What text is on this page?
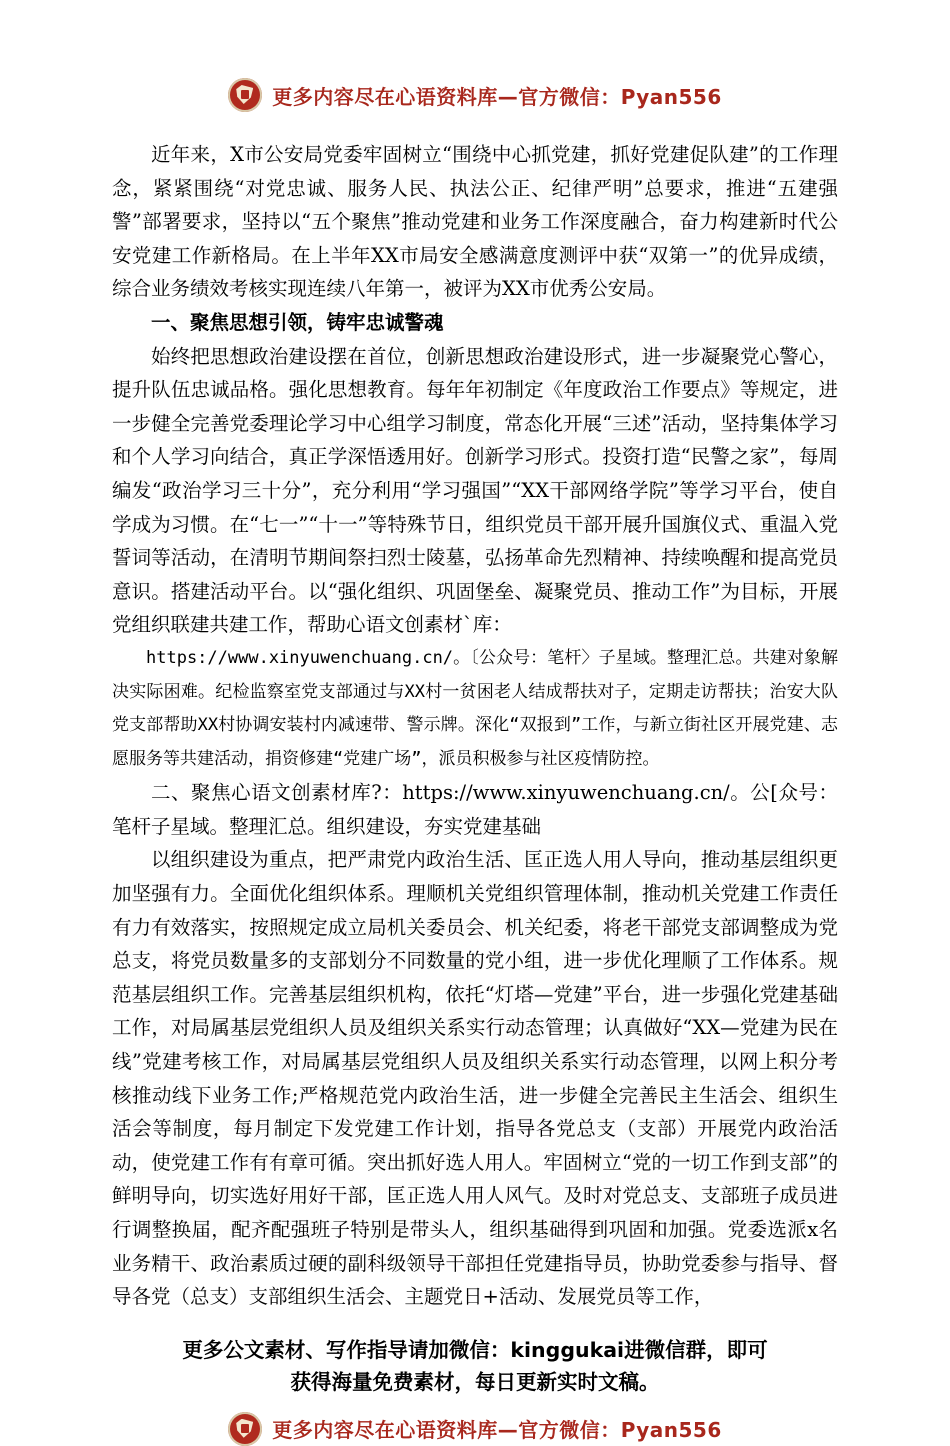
更多内容尽在心语资料库—官方微信：Pyan556

近年来，X市公安局党委牢固树立“围绕中心抓党建，抓好党建促队建”的工作理念，紧紧围绕“对党忠诚、服务人民、执法公正、纪律严明”总要求，推进“五建强警”部署要求，坚持以“五个聚焦”推动党建和业务工作深度融合，奋力构建新时代公安党建工作新格局。在上半年XX市局安全感满意度测评中获“双第一”的优异成绩，综合业务绩效考核实现连续八年第一，被评为XX市优秀公安局。

一、聚焦思想引领，铸牢忠诚警魂

始终把思想政治建设摆在首位，创新思想政治建设形式，进一步凝聚党心警心，提升队伍忠诚品格。强化思想教育。每年年初制定《年度政治工作要点》等规定，进一步健全完善党委理论学习中心组学习制度，常态化开展“三述”活动，坚持集体学习和个人学习向结合，真正学深悟透用好。创新学习形式。投资打造“民警之家”，每周编发“政治学习三十分”，充分利用“学习强国”“XX干部网络学院”等学习平台，使自学成为习惯。在“七一”“十一”等特殊节日，组织党员干部开展升国旗仪式、重温入党誓词等活动，在清明节期间祭扫烈士陵墓，弘扬革命先烈精神、持续唤醒和提高党员意识。搭建活动平台。以“强化组织、巩固堡垒、凝聚党员、推动工作”为目标，开展党组织联建共建工作，帮助心语文创素材`库：

https://www.xinyuwenchuang.cn/。〔公众号：笔杆〉子星域。整理汇总。共建对象解决实际困难。纪检监察室党支部通过与XX村一贫困老人结成帮扶对子，定期走访帮扶；治安大队党支部帮助XX村协调安装村内减速带、警示牌。深化“双报到”工作，与新立街社区开展党建、志愿服务等共建活动，捐资修建“党建广场”，派员积极参与社区疫情防控。

二、聚焦心语文创素材库?：https://www.xinyuwenchuang.cn/。公[众号：笔杆子星域。整理汇总。组织建设，夯实党建基础

以组织建设为重点，把严肃党内政治生活、匡正选人用人导向，推动基层组织更加坚强有力。全面优化组织体系。理顺机关党组织管理体制，推动机关党建工作责任有力有效落实，按照规定成立局机关委员会、机关纪委，将老干部党支部调整成为党总支，将党员数量多的支部划分不同数量的党小组，进一步优化理顺了工作体系。规范基层组织工作。完善基层组织机构，依托“灯塔—党建”平台，进一步强化党建基础工作，对局属基层党组织人员及组织关系实行动态管理；认真做好“XX—党建为民在线”党建考核工作，对局属基层党组织人员及组织关系实行动态管理，以网上积分考核推动线下业务工作;严格规范党内政治生活，进一步健全完善民主生活会、组织生活会等制度，每月制定下发党建工作计划，指导各党总支（支部）开展党内政治活动，使党建工作有有章可循。突出抓好选人用人。牢固树立“党的一切工作到支部”的鲜明导向，切实选好用好干部，匡正选人用人风气。及时对党总支、支部班子成员进行调整换届，配齐配强班子特别是带头人，组织基础得到巩固和加强。党委选派x名业务精干、政治素质过硬的副科级领导干部担任党建指导员，协助党委参与指导、督导各党（总支）支部组织生活会、主题党日+活动、发展党员等工作，

更多公文素材、写作指导请加微信：kinggukai进微信群，即可
获得海量免费素材，每日更新实时文稿。
更多内容尽在心语资料库—官方微信：Pyan556
